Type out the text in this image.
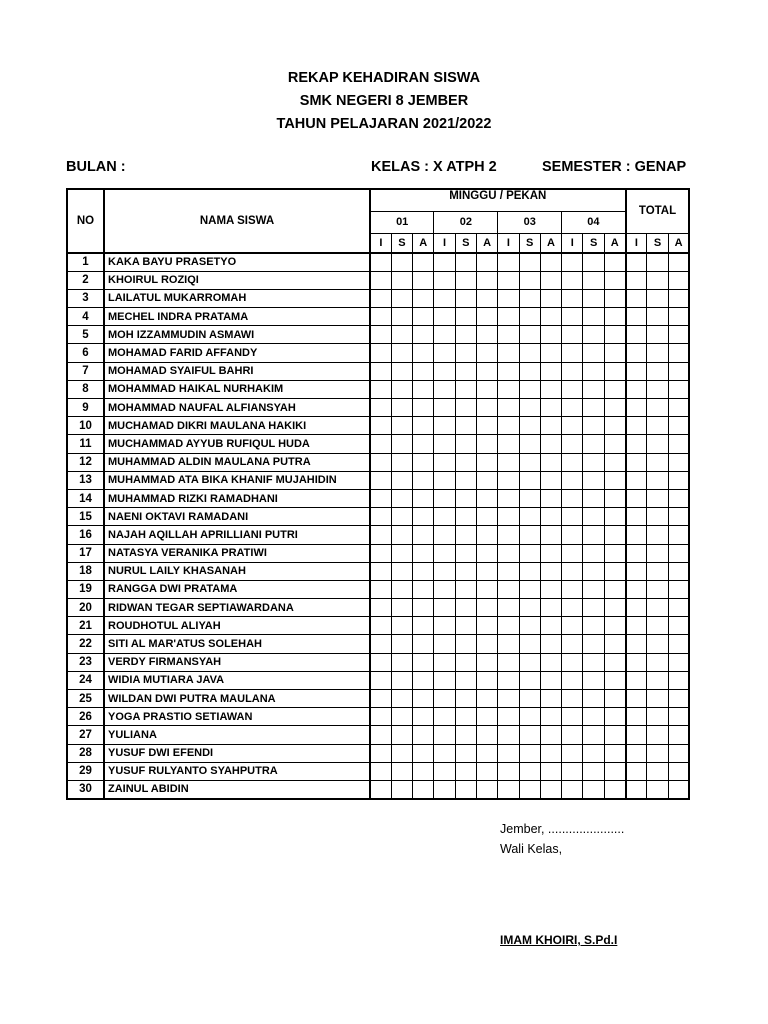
REKAP KEHADIRAN SISWA
SMK NEGERI 8 JEMBER
TAHUN PELAJARAN 2021/2022
BULAN :	KELAS : X ATPH 2	SEMESTER : GENAP
NO	NAMA SISWA	MINGGU / PEKAN												TOTAL		
		01			02			03			04					
		I	S	A	I	S	A	I	S	A	I	S	A	I	S	A
1	KAKA BAYU PRASETYO															
2	KHOIRUL ROZIQI															
3	LAILATUL MUKARROMAH															
4	MECHEL INDRA PRATAMA															
5	MOH IZZAMMUDIN ASMAWI															
6	MOHAMAD FARID AFFANDY															
7	MOHAMAD SYAIFUL BAHRI															
8	MOHAMMAD HAIKAL NURHAKIM															
9	MOHAMMAD NAUFAL ALFIANSYAH															
10	MUCHAMAD DIKRI MAULANA HAKIKI															
11	MUCHAMMAD AYYUB RUFIQUL HUDA															
12	MUHAMMAD ALDIN MAULANA PUTRA															
13	MUHAMMAD ATA BIKA KHANIF MUJAHIDIN															
14	MUHAMMAD RIZKI RAMADHANI															
15	NAENI OKTAVI RAMADANI															
16	NAJAH AQILLAH APRILLIANI PUTRI															
17	NATASYA VERANIKA PRATIWI															
18	NURUL LAILY KHASANAH															
19	RANGGA DWI PRATAMA															
20	RIDWAN TEGAR SEPTIAWARDANA															
21	ROUDHOTUL ALIYAH															
22	SITI AL MAR'ATUS SOLEHAH															
23	VERDY FIRMANSYAH															
24	WIDIA MUTIARA JAVA															
25	WILDAN DWI PUTRA MAULANA															
26	YOGA PRASTIO SETIAWAN															
27	YULIANA															
28	YUSUF DWI EFENDI															
29	YUSUF RULYANTO SYAHPUTRA															
30	ZAINUL ABIDIN															
Jember, ......................
Wali Kelas,
IMAM KHOIRI, S.Pd.I
